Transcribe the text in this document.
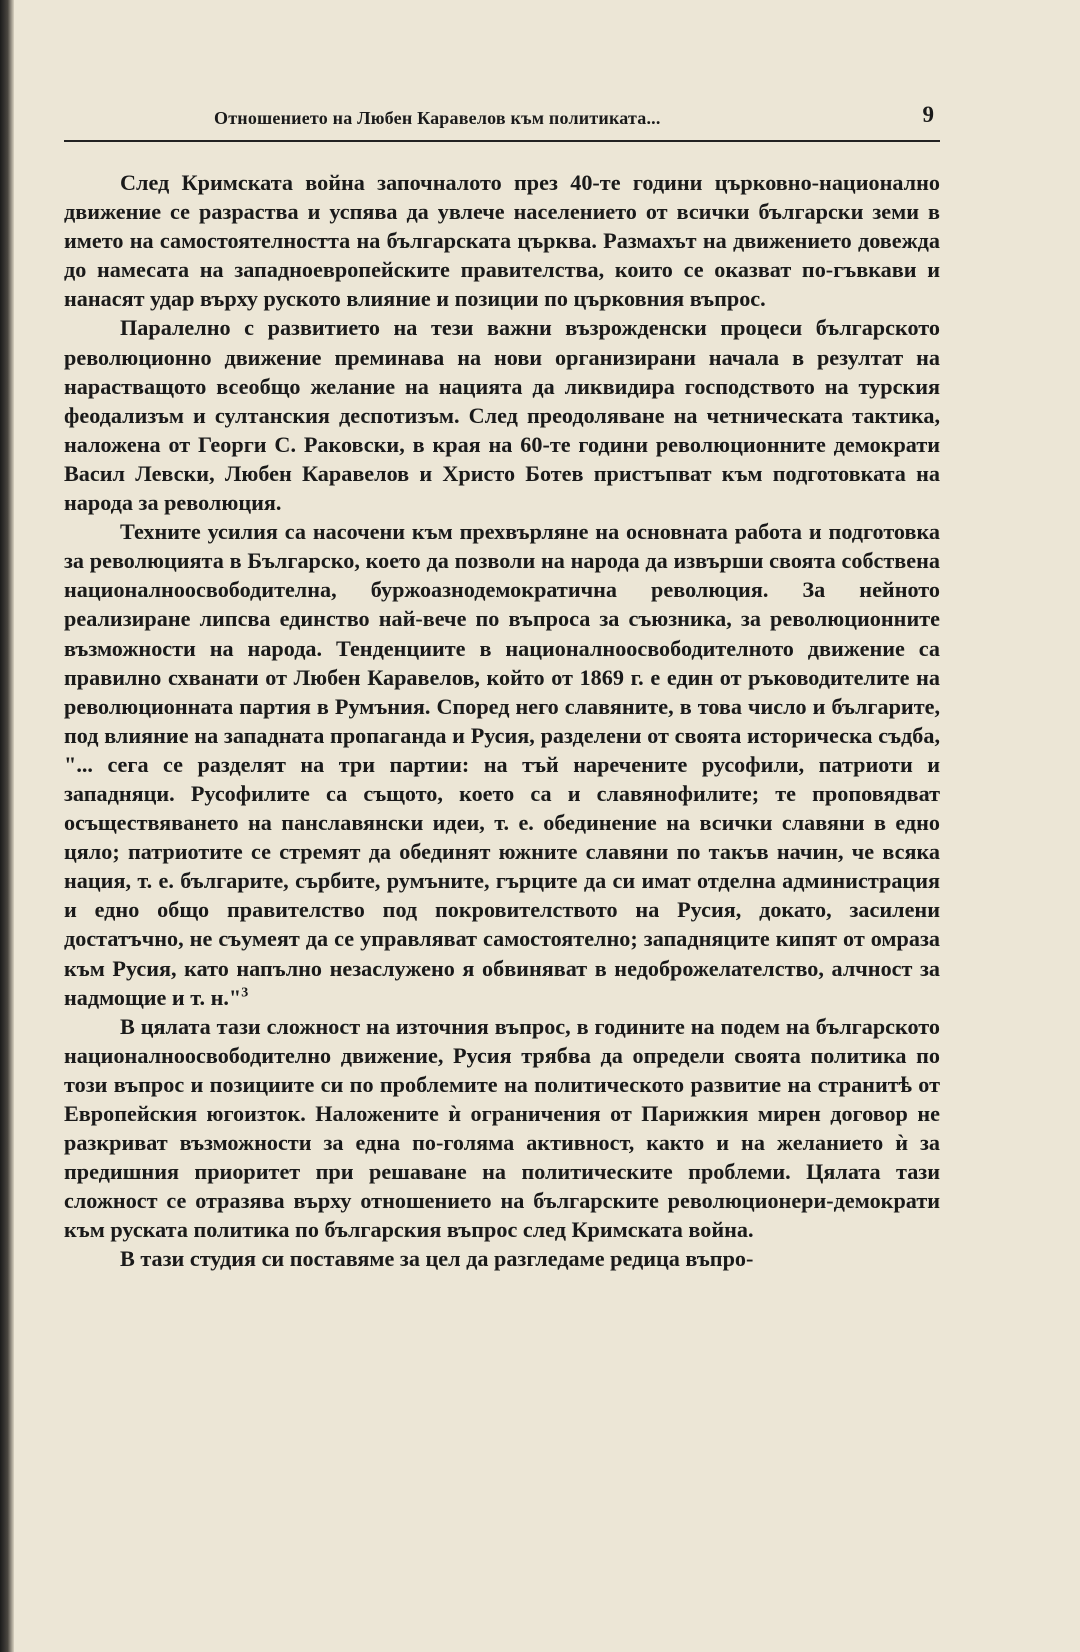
Отношението на Любен Каравелов към политиката...	9

След Кримската война започналото през 40-те години църковно-национално движение се разраства и успява да увлече населението от всички български земи в името на самостоятелността на българската църква. Размахът на движението довежда до намесата на западноевропейските правителства, които се оказват по-гъвкави и нанасят удар върху руското влияние и позиции по църковния въпрос.

Паралелно с развитието на тези важни възрожденски процеси българското революционно движение преминава на нови организирани начала в резултат на нарастващото всеобщо желание на нацията да ликвидира господството на турския феодализъм и султанския деспотизъм. След преодоляване на четническата тактика, наложена от Георги С. Раковски, в края на 60-те години революционните демократи Васил Левски, Любен Каравелов и Христо Ботев пристъпват към подготовката на народа за революция.

Техните усилия са насочени към прехвърляне на основната работа и подготовка за революцията в Българско, което да позволи на народа да извърши своята собствена националноосвободителна, буржоазнодемократична революция. За нейното реализиране липсва единство най-вече по въпроса за съюзника, за революционните възможности на народа. Тенденциите в националноосвободителното движение са правилно схванати от Любен Каравелов, който от 1869 г. е един от ръководителите на революционната партия в Румъния. Според него славяните, в това число и българите, под влияние на западната пропаганда и Русия, разделени от своята историческа съдба, "... сега се разделят на три партии: на тъй наречените русофили, патриоти и западняци. Русофилите са същото, което са и славянофилите; те проповядват осъществяването на панславянски идеи, т. е. обединение на всички славяни в едно цяло; патриотите се стремят да обединят южните славяни по такъв начин, че всяка нация, т. е. българите, сърбите, румъните, гърците да си имат отделна администрация и едно общо правителство под покровителството на Русия, докато, засилени достатъчно, не съумеят да се управляват самостоятелно; западняците кипят от омраза към Русия, като напълно незаслужено я обвиняват в недоброжелателство, алчност за надмощие и т. н."$^3$

В цялата тази сложност на източния въпрос, в годините на подем на българското националноосвободително движение, Русия трябва да определи своята политика по този въпрос и позициите си по проблемите на политическото развитие на странитѣ от Европейския югоизток. Наложените ѝ ограничения от Парижкия мирен договор не разкриват възможности за една по-голяма активност, както и на желанието ѝ за предишния приоритет при решаване на политическите проблеми. Цялата тази сложност се отразява върху отношението на българските революционери-демократи към руската политика по българския въпрос след Кримската война.

В тази студия си поставяме за цел да разгледаме редица въпро-
